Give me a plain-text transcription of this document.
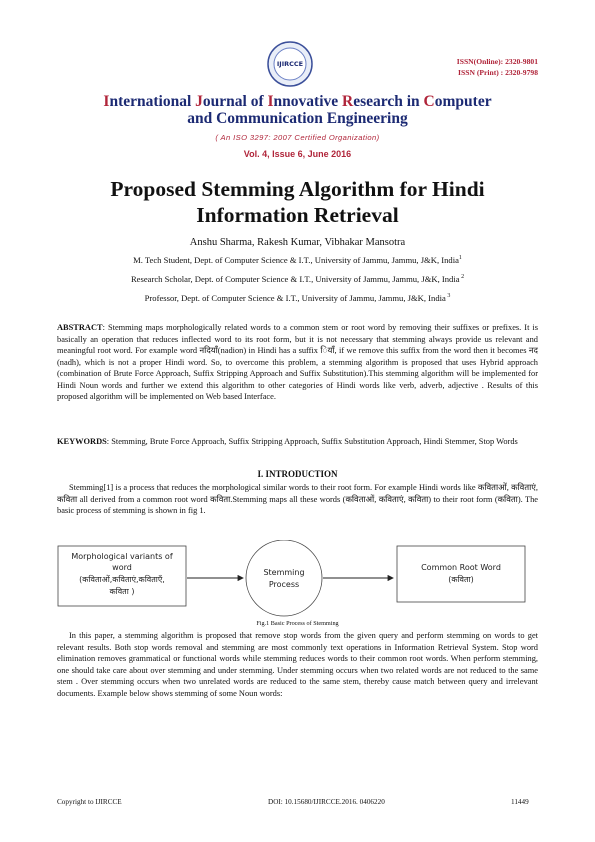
IJIRCCE	ISSN(Online): 2320-9801
ISSN (Print) : 2320-9798
International Journal of Innovative Research in Computer
and Communication Engineering
( An ISO 3297: 2007 Certified Organization)
Vol. 4, Issue 6, June 2016
Proposed Stemming Algorithm for Hindi
Information Retrieval
Anshu Sharma, Rakesh Kumar, Vibhakar Mansotra
M. Tech Student, Dept. of Computer Science & I.T., University of Jammu, Jammu, J&K, India$^1$
Research Scholar, Dept. of Computer Science & I.T., University of Jammu, Jammu, J&K, India $^2$
Professor, Dept. of Computer Science & I.T., University of Jammu, Jammu, J&K, India $^3$
ABSTRACT: Stemming maps morphologically related words to a common stem or root word by removing their suffixes or prefixes. It is basically an operation that reduces inflected word to its root form, but it is not necessary that stemming always provide us relevant and meaningful root word. For example word नदियाँ(nadion) in Hindi has a suffix ियाँ, if we remove this suffix from the word then it becomes नद (nadh), which is not a proper Hindi word. So, to overcome this problem, a stemming algorithm is proposed that uses Hybrid approach (combination of Brute Force Approach, Suffix Stripping Approach and Suffix Substitution).This stemming algorithm will be implemented for Hindi Noun words and further we extend this algorithm to other categories of Hindi words like verb, adverb, adjective . Results of this proposed algorithm will be implemented on Web based Interface.
KEYWORDS: Stemming, Brute Force Approach, Suffix Stripping Approach, Suffix Substitution Approach, Hindi Stemmer, Stop Words
I. INTRODUCTION
Stemming[1] is a process that reduces the morphological similar words to their root form. For example Hindi words like कविताओं, कविताएं, कविता all derived from a common root word कविता.Stemming maps all these words (कविताओं, कविताएं, कविता) to their root form (कविता). The basic process of stemming is shown in fig 1.
Morphological variants of
word
(कविताओं,कविताएं,कविताएँ,
कविता )
Stemming
Process
Common Root Word
(कविता)
Fig.1 Basic Process of Stemming
In this paper, a stemming algorithm is proposed that remove stop words from the given query and perform stemming on words to get relevant results. Both stop words removal and stemming are most commonly text operations in Information Retrieval System. Stop word elimination removes grammatical or functional words while stemming reduces words to their common root words. When perform stemming, one should take care about over stemming and under stemming. Under stemming occurs when two related words are not reduced to the same stem . Over stemming occurs when two unrelated words are reduced to the same stem, thereby cause match between query and irrelevant documents. Example below shows stemming of some Noun words:
Copyright to IJIRCCE	DOI: 10.15680/IJIRCCE.2016. 0406220	11449
